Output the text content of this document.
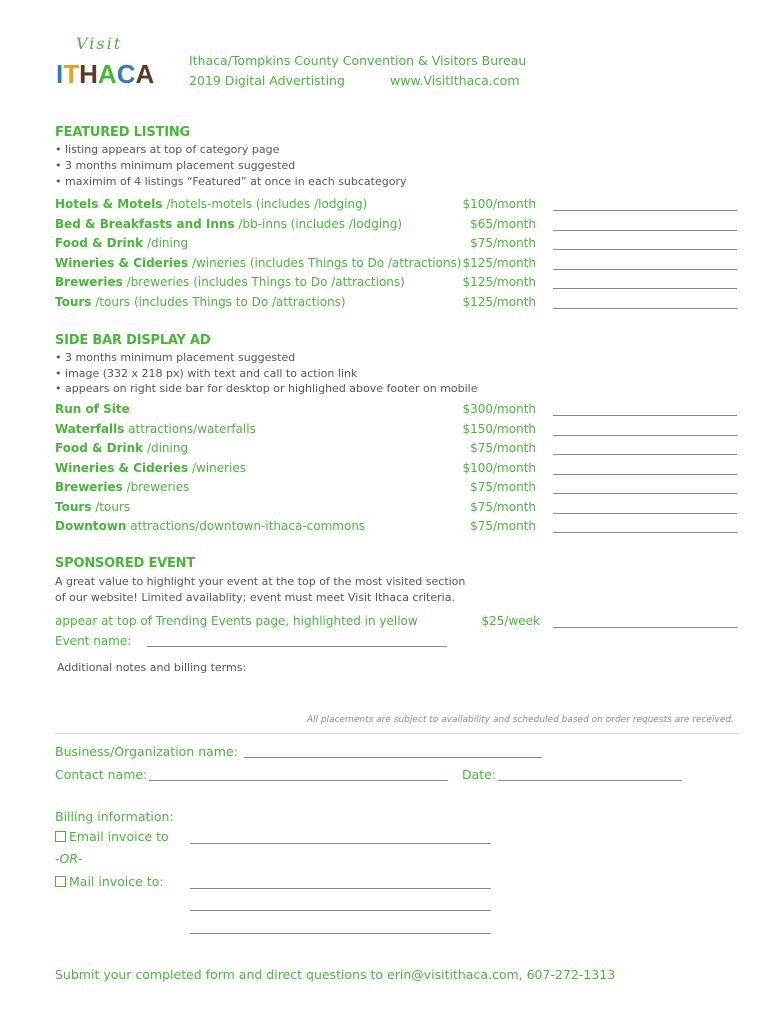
Visit
I T H A C A	Ithaca/Tompkins County Convention & Visitors Bureau
2019 Digital Advertisting	www.VisitIthaca.com
FEATURED LISTING
• listing appears at top of category page
• 3 months minimum placement suggested
• maximim of 4 listings “Featured” at once in each subcategory
Hotels & Motels /hotels-motels (includes /lodging)	$100/month
Bed & Breakfasts and Inns /bb-inns (includes /lodging)	$65/month
Food & Drink /dining	$75/month
Wineries & Cideries /wineries (includes Things to Do /attractions) $125/month
Breweries /breweries (includes Things to Do /attractions)	$125/month
Tours /tours (includes Things to Do /attractions)	$125/month
SIDE BAR DISPLAY AD
• 3 months minimum placement suggested
• image (332 x 218 px) with text and call to action link
• appears on right side bar for desktop or highlighed above footer on mobile
Run of Site	$300/month
Waterfalls attractions/waterfalls	$150/month
Food & Drink /dining	$75/month
Wineries & Cideries /wineries	$100/month
Breweries /breweries	$75/month
Tours /tours	$75/month
Downtown attractions/downtown-ithaca-commons	$75/month
SPONSORED EVENT
A great value to highlight your event at the top of the most visited section
of our website! Limited availablity; event must meet Visit Ithaca criteria.
appear at top of Trending Events page, highlighted in yellow	$25/week
Event name:
Additional notes and billing terms:
All placements are subject to availability and scheduled based on order requests are received.
Business/Organization name:
Contact name:	Date:
Billing information:
Email invoice to
-OR-
Mail invoice to:
Submit your completed form and direct questions to erin@visitithaca.com, 607-272-1313
